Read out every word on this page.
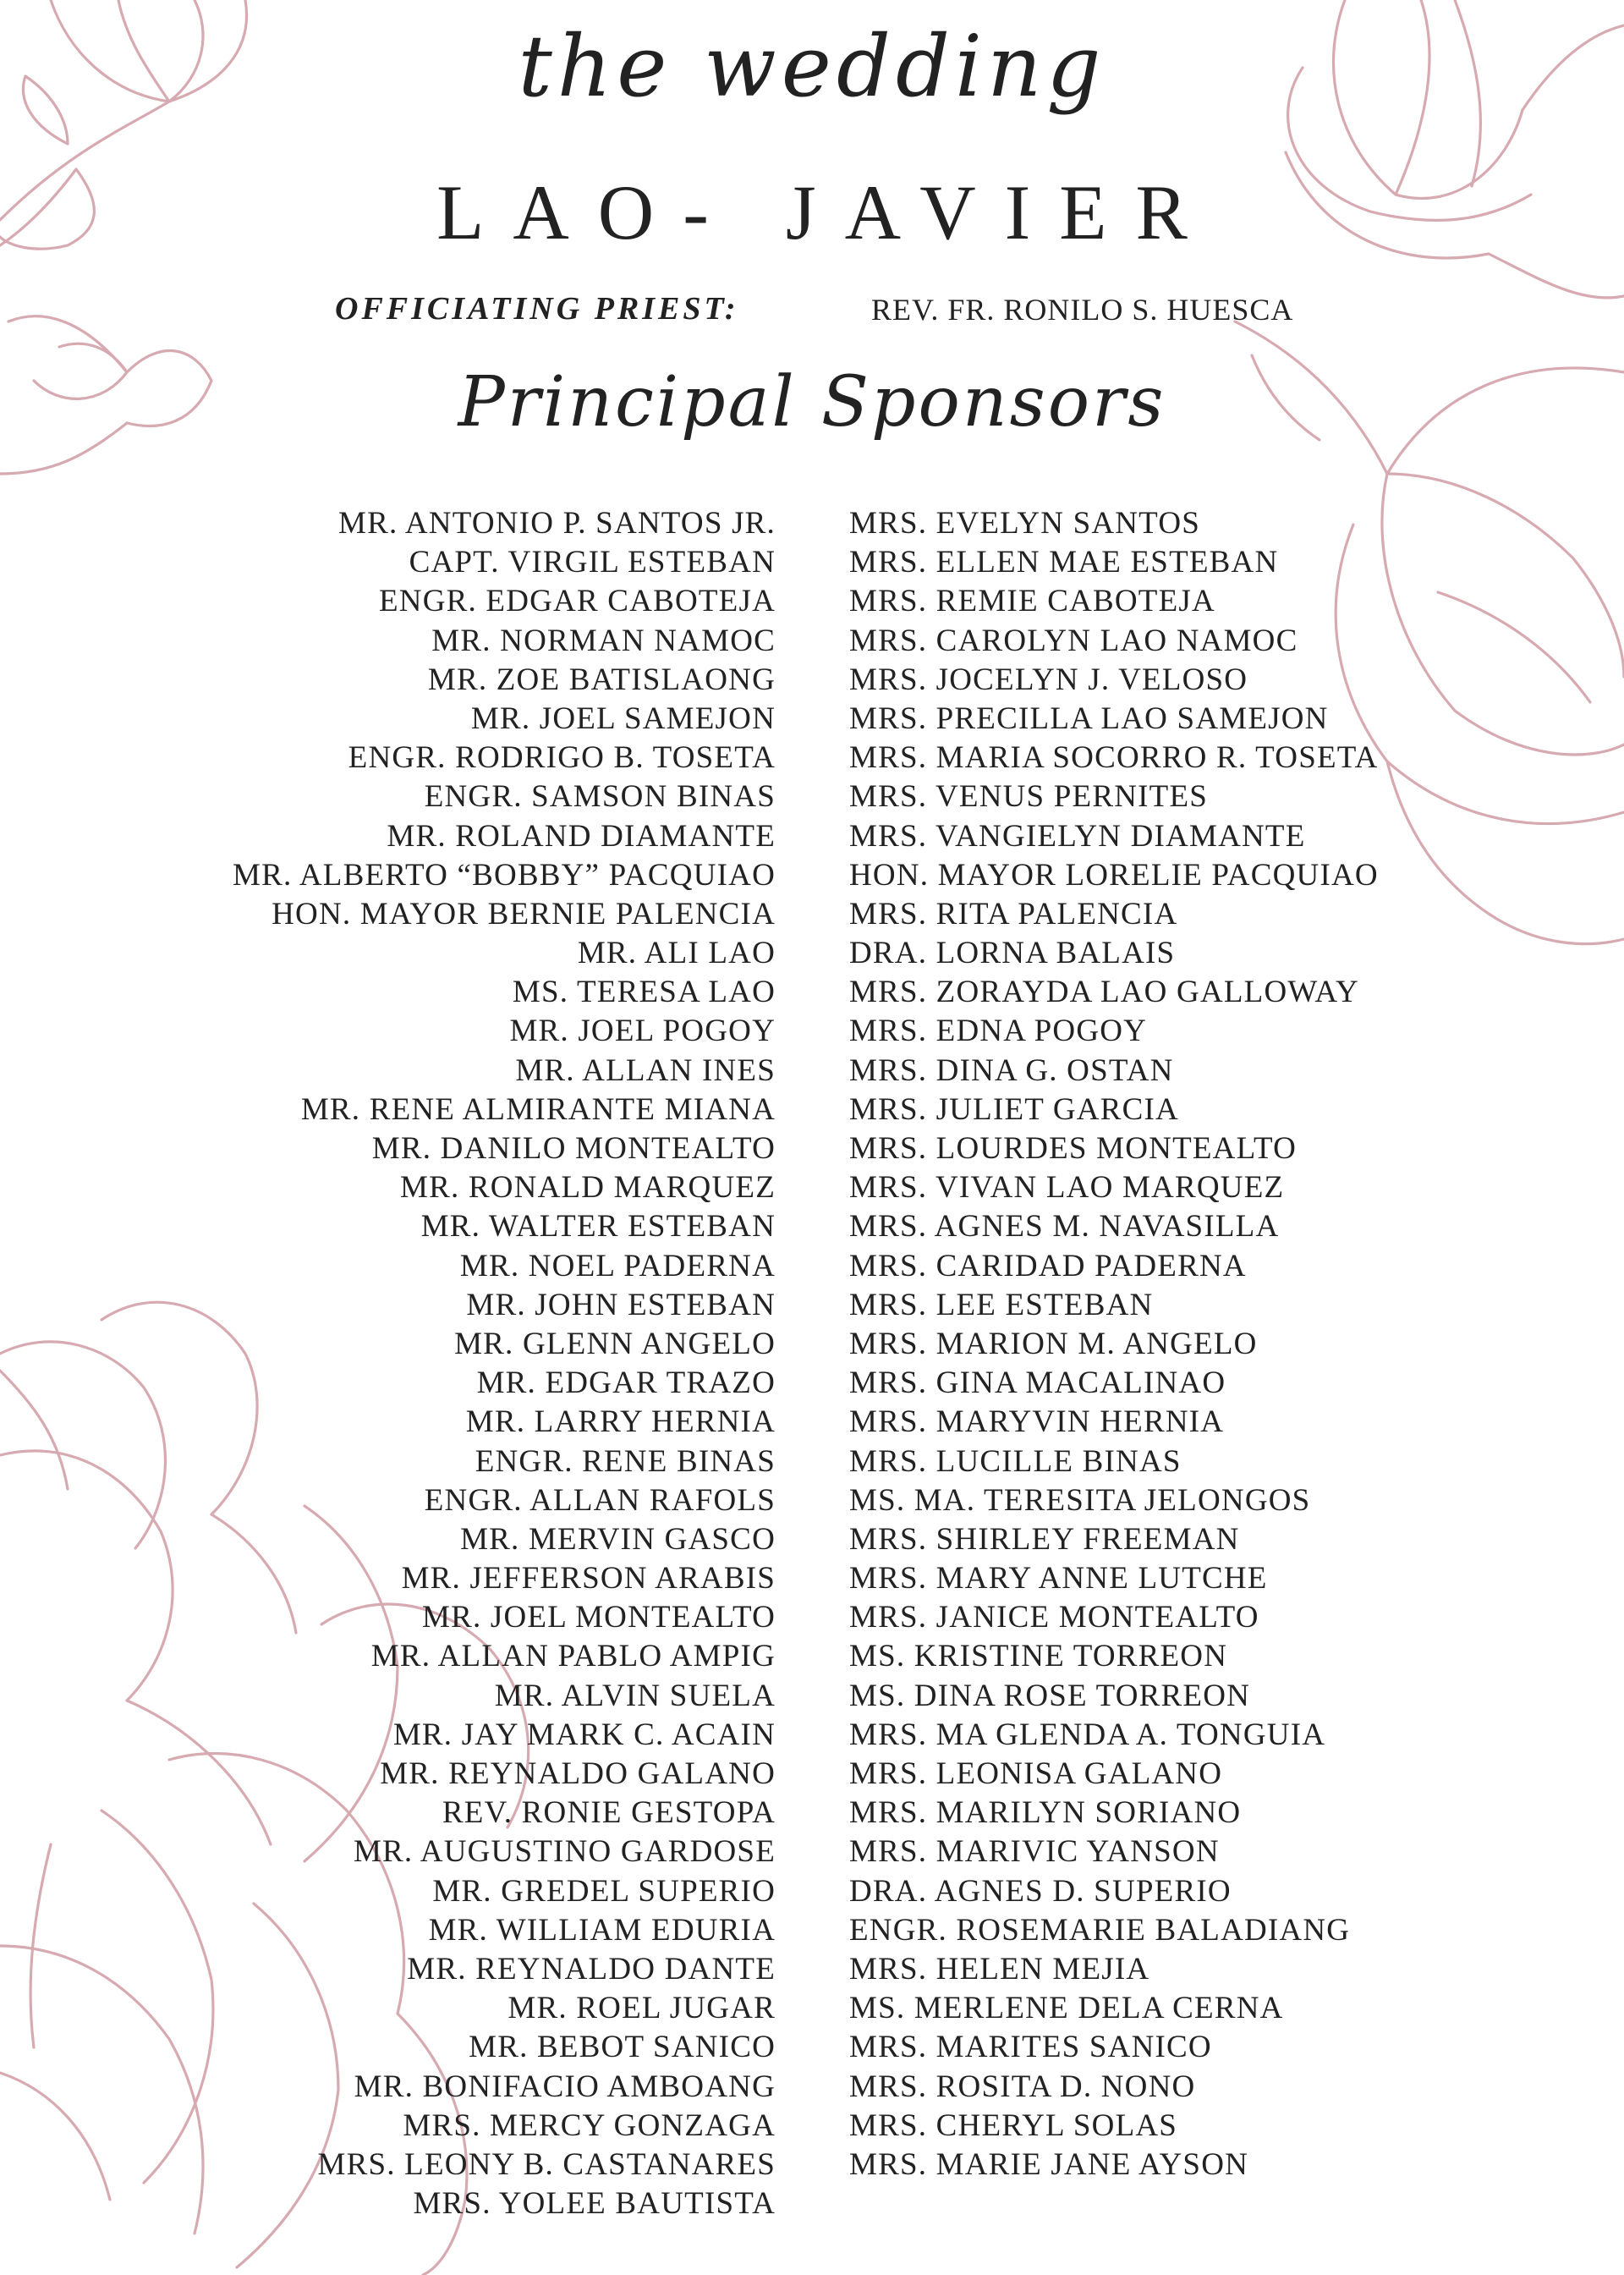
the wedding
LAO- JAVIER
OFFICIATING PRIEST:	REV. FR. RONILO S. HUESCA
Principal Sponsors
MR. ANTONIO P. SANTOS JR.
CAPT. VIRGIL ESTEBAN
ENGR. EDGAR CABOTEJA
MR. NORMAN NAMOC
MR. ZOE BATISLAONG
MR. JOEL SAMEJON
ENGR. RODRIGO B. TOSETA
ENGR. SAMSON BINAS
MR. ROLAND DIAMANTE
MR. ALBERTO “BOBBY” PACQUIAO
HON. MAYOR BERNIE PALENCIA
MR. ALI LAO
MS. TERESA LAO
MR. JOEL POGOY
MR. ALLAN INES
MR. RENE ALMIRANTE MIANA
MR. DANILO MONTEALTO
MR. RONALD MARQUEZ
MR. WALTER ESTEBAN
MR. NOEL PADERNA
MR. JOHN ESTEBAN
MR. GLENN ANGELO
MR. EDGAR TRAZO
MR. LARRY HERNIA
ENGR. RENE BINAS
ENGR. ALLAN RAFOLS
MR. MERVIN GASCO
MR. JEFFERSON ARABIS
MR. JOEL MONTEALTO
MR. ALLAN PABLO AMPIG
MR. ALVIN SUELA
MR. JAY MARK C. ACAIN
MR. REYNALDO GALANO
REV. RONIE GESTOPA
MR. AUGUSTINO GARDOSE
MR. GREDEL SUPERIO
MR. WILLIAM EDURIA
MR. REYNALDO DANTE
MR. ROEL JUGAR
MR. BEBOT SANICO
MR. BONIFACIO AMBOANG
MRS. MERCY GONZAGA
MRS. LEONY B. CASTANARES
MRS. YOLEE BAUTISTA
MRS. EVELYN SANTOS
MRS. ELLEN MAE ESTEBAN
MRS. REMIE CABOTEJA
MRS. CAROLYN LAO NAMOC
MRS. JOCELYN J. VELOSO
MRS. PRECILLA LAO SAMEJON
MRS. MARIA SOCORRO R. TOSETA
MRS. VENUS PERNITES
MRS. VANGIELYN DIAMANTE
HON. MAYOR LORELIE PACQUIAO
MRS. RITA PALENCIA
DRA. LORNA BALAIS
MRS. ZORAYDA LAO GALLOWAY
MRS. EDNA POGOY
MRS. DINA G. OSTAN
MRS. JULIET GARCIA
MRS. LOURDES MONTEALTO
MRS. VIVAN LAO MARQUEZ
MRS. AGNES M. NAVASILLA
MRS. CARIDAD PADERNA
MRS. LEE ESTEBAN
MRS. MARION M. ANGELO
MRS. GINA MACALINAO
MRS. MARYVIN HERNIA
MRS. LUCILLE BINAS
MS. MA. TERESITA JELONGOS
MRS. SHIRLEY FREEMAN
MRS. MARY ANNE LUTCHE
MRS. JANICE MONTEALTO
MS. KRISTINE TORREON
MS. DINA ROSE TORREON
MRS. MA GLENDA A. TONGUIA
MRS. LEONISA GALANO
MRS. MARILYN SORIANO
MRS. MARIVIC YANSON
DRA. AGNES D. SUPERIO
ENGR. ROSEMARIE BALADIANG
MRS. HELEN MEJIA
MS. MERLENE DELA CERNA
MRS. MARITES SANICO
MRS. ROSITA D. NONO
MRS. CHERYL SOLAS
MRS. MARIE JANE AYSON
